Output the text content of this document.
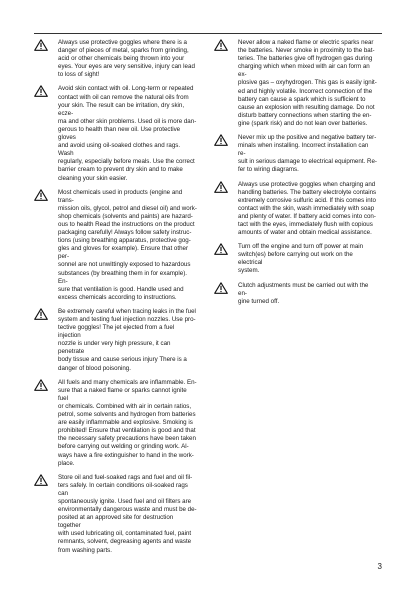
Always use protective goggles where there is a
danger of pieces of metal, sparks from grinding,
acid or other chemicals being thrown into your
eyes. Your eyes are very sensitive, injury can lead
to loss of sight!

Avoid skin contact with oil. Long-term or repeated
contact with oil can remove the natural oils from
your skin. The result can be irritation, dry skin, ecze-
ma and other skin problems. Used oil is more dan-
gerous to health than new oil. Use protective gloves
and avoid using oil-soaked clothes and rags. Wash
regularly, especially before meals. Use the correct
barrier cream to prevent dry skin and to make
cleaning your skin easier.

Most chemicals used in products (engine and trans-
mission oils, glycol, petrol and diesel oil) and work-
shop chemicals (solvents and paints) are hazard-
ous to health Read the instructions on the product
packaging carefully! Always follow safety instruc-
tions (using breathing apparatus, protective gog-
gles and gloves for example). Ensure that other per-
sonnel are not unwittingly exposed to hazardous
substances (by breathing them in for example). En-
sure that ventilation is good. Handle used and
excess chemicals according to instructions.

Be extremely careful when tracing leaks in the fuel
system and testing fuel injection nozzles. Use pro-
tective goggles! The jet ejected from a fuel injection
nozzle is under very high pressure, it can penetrate
body tissue and cause serious injury There is a
danger of blood poisoning.

All fuels and many chemicals are inflammable. En-
sure that a naked flame or sparks cannot ignite fuel
or chemicals. Combined with air in certain ratios,
petrol, some solvents and hydrogen from batteries
are easily inflammable and explosive. Smoking is
prohibited! Ensure that ventilation is good and that
the necessary safety precautions have been taken
before carrying out welding or grinding work. Al-
ways have a fire extinguisher to hand in the work-
place.

Store oil and fuel-soaked rags and fuel and oil fil-
ters safely. In certain conditions oil-soaked rags can
spontaneously ignite. Used fuel and oil filters are
environmentally dangerous waste and must be de-
posited at an approved site for destruction together
with used lubricating oil, contaminated fuel, paint
remnants, solvent, degreasing agents and waste
from washing parts.

Never allow a naked flame or electric sparks near
the batteries. Never smoke in proximity to the bat-
teries. The batteries give off hydrogen gas during
charging which when mixed with air can form an ex-
plosive gas – oxyhydrogen. This gas is easily ignit-
ed and highly volatile. Incorrect connection of the
battery can cause a spark which is sufficient to
cause an explosion with resulting damage. Do not
disturb battery connections when starting the en-
gine (spark risk) and do not lean over batteries.

Never mix up the positive and negative battery ter-
minals when installing. Incorrect installation can re-
sult in serious damage to electrical equipment. Re-
fer to wiring diagrams.

Always use protective goggles when charging and
handling batteries. The battery electrolyte contains
extremely corrosive sulfuric acid. If this comes into
contact with the skin, wash immediately with soap
and plenty of water. If battery acid comes into con-
tact with the eyes, immediately flush with copious
amounts of water and obtain medical assistance.

Turn off the engine and turn off power at main
switch(es) before carrying out work on the electrical
system.

Clutch adjustments must be carried out with the en-
gine turned off.

3
